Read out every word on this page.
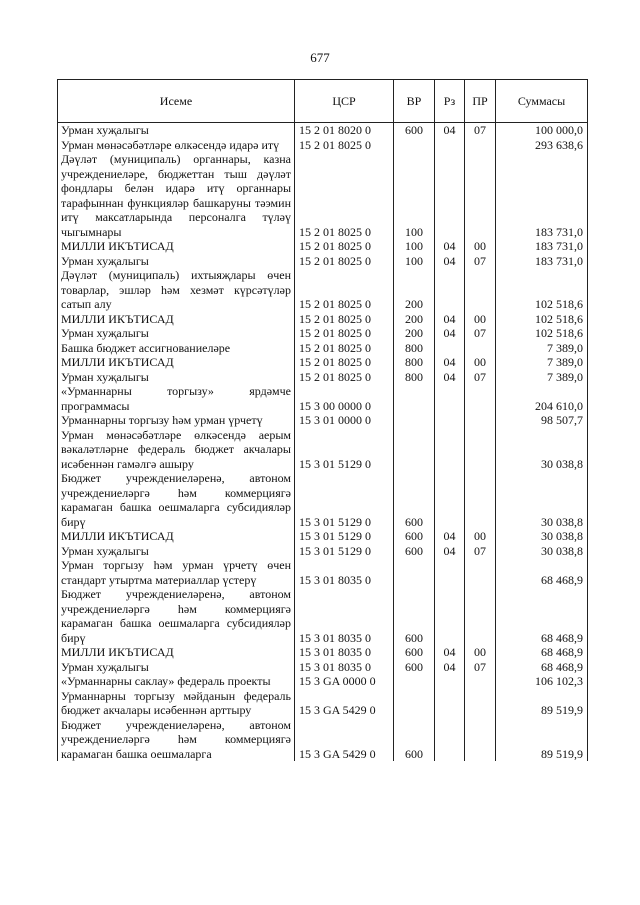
677
Исеме	ЦСР	ВР	Рз	ПР	Суммасы
Урман хуҗалыгы	15 2 01 8020 0	600	04	07	100 000,0
Урман мөнәсәбәтләре өлкәсендә идарә итү	15 2 01 8025 0				293 638,6
Дәүләт (муниципаль) органнары, казна учреждениеләре, бюджеттан тыш дәүләт фондлары белән идарә итү органнары тарафыннан функцияләр башкаруны тәэмин итү максатларында персоналга түләү чыгымнары	15 2 01 8025 0	100			183 731,0
МИЛЛИ ИКЪТИСАД	15 2 01 8025 0	100	04	00	183 731,0
Урман хуҗалыгы	15 2 01 8025 0	100	04	07	183 731,0
Дәүләт (муниципаль) ихтыяҗлары өчен товарлар, эшләр һәм хезмәт күрсәтүләр сатып алу	15 2 01 8025 0	200			102 518,6
МИЛЛИ ИКЪТИСАД	15 2 01 8025 0	200	04	00	102 518,6
Урман хуҗалыгы	15 2 01 8025 0	200	04	07	102 518,6
Башка бюджет ассигнованиеләре	15 2 01 8025 0	800			7 389,0
МИЛЛИ ИКЪТИСАД	15 2 01 8025 0	800	04	00	7 389,0
Урман хуҗалыгы	15 2 01 8025 0	800	04	07	7 389,0
«Урманнарны торгызу» ярдәмче программасы	15 3 00 0000 0				204 610,0
Урманнарны торгызу һәм урман үрчетү	15 3 01 0000 0				98 507,7
Урман мөнәсәбәтләре өлкәсендә аерым вәкаләтләрне федераль бюджет акчалары исәбеннән гамәлгә ашыру	15 3 01 5129 0				30 038,8
Бюджет учреждениеләренә, автоном учреждениеләргә һәм коммерциягә карамаган башка оешмаларга субсидияләр бирү	15 3 01 5129 0	600			30 038,8
МИЛЛИ ИКЪТИСАД	15 3 01 5129 0	600	04	00	30 038,8
Урман хуҗалыгы	15 3 01 5129 0	600	04	07	30 038,8
Урман торгызу һәм урман үрчетү өчен стандарт утыртма материаллар үстерү	15 3 01 8035 0				68 468,9
Бюджет учреждениеләренә, автоном учреждениеләргә һәм коммерциягә карамаган башка оешмаларга субсидияләр бирү	15 3 01 8035 0	600			68 468,9
МИЛЛИ ИКЪТИСАД	15 3 01 8035 0	600	04	00	68 468,9
Урман хуҗалыгы	15 3 01 8035 0	600	04	07	68 468,9
«Урманнарны саклау» федераль проекты	15 3 GA 0000 0				106 102,3
Урманнарны торгызу мәйданын федераль бюджет акчалары исәбеннән арттыру	15 3 GA 5429 0				89 519,9
Бюджет учреждениеләренә, автоном учреждениеләргә һәм коммерциягә карамаган башка оешмаларга	15 3 GA 5429 0	600			89 519,9
